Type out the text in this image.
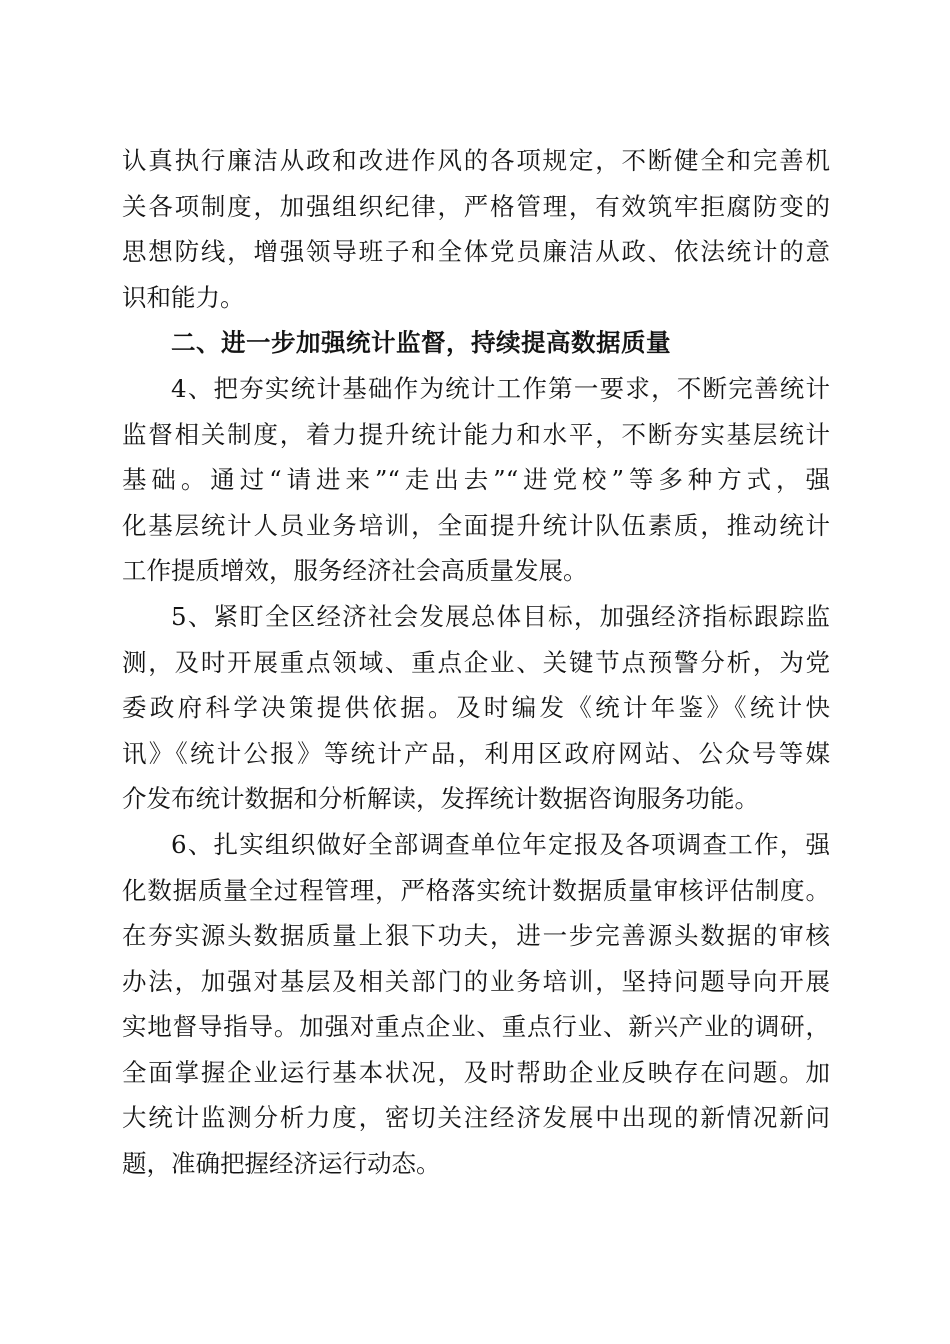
认真执行廉洁从政和改进作风的各项规定，不断健全和完善机
关各项制度，加强组织纪律，严格管理，有效筑牢拒腐防变的
思想防线，增强领导班子和全体党员廉洁从政、依法统计的意
识和能力。
二、进一步加强统计监督，持续提高数据质量
4、把夯实统计基础作为统计工作第一要求，不断完善统计
监督相关制度，着力提升统计能力和水平，不断夯实基层统计
基础。通过“请进来”“走出去”“进党校”等多种方式，强
化基层统计人员业务培训，全面提升统计队伍素质，推动统计
工作提质增效，服务经济社会高质量发展。
5、紧盯全区经济社会发展总体目标，加强经济指标跟踪监
测，及时开展重点领域、重点企业、关键节点预警分析，为党
委政府科学决策提供依据。及时编发《统计年鉴》《统计快
讯》《统计公报》等统计产品，利用区政府网站、公众号等媒
介发布统计数据和分析解读，发挥统计数据咨询服务功能。
6、扎实组织做好全部调查单位年定报及各项调查工作，强
化数据质量全过程管理，严格落实统计数据质量审核评估制度。
在夯实源头数据质量上狠下功夫，进一步完善源头数据的审核
办法，加强对基层及相关部门的业务培训，坚持问题导向开展
实地督导指导。加强对重点企业、重点行业、新兴产业的调研，
全面掌握企业运行基本状况，及时帮助企业反映存在问题。加
大统计监测分析力度，密切关注经济发展中出现的新情况新问
题，准确把握经济运行动态。
